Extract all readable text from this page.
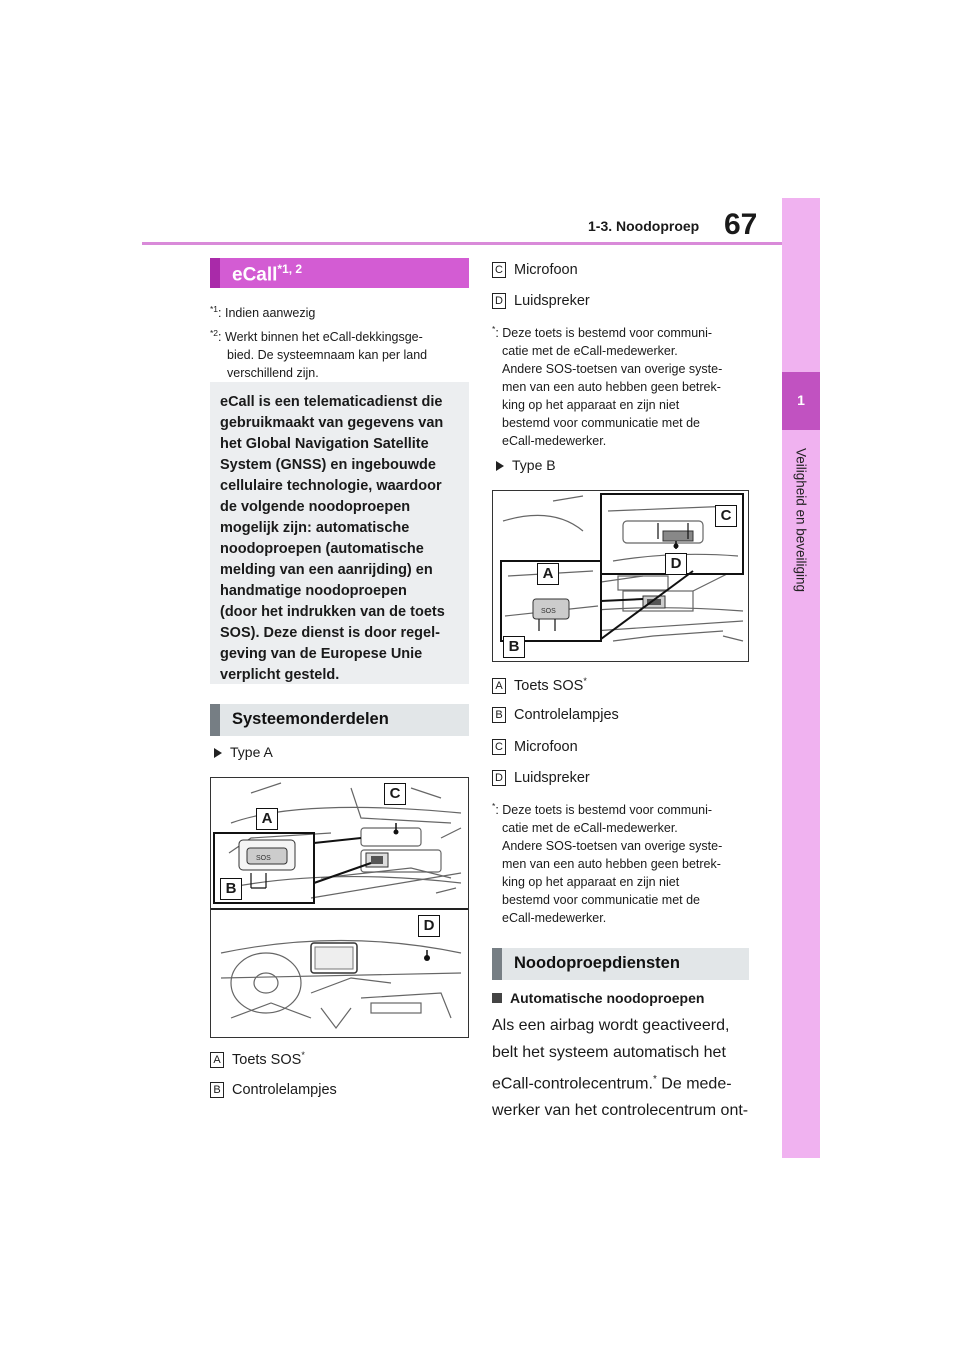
1-3. Noodoproep 67
1
Veiligheid en beveiliging
eCall$^{*1, 2}$
$^{*1}$: Indien aanwezig
$^{*2}$: Werkt binnen het eCall-dekkingsge-
bied. De systeemnaam kan per land
verschillend zijn.
eCall is een telematicadienst die
gebruikmaakt van gegevens van
het Global Navigation Satellite
System (GNSS) en ingebouwde
cellulaire technologie, waardoor
de volgende noodoproepen
mogelijk zijn: automatische
noodoproepen (automatische
melding van een aanrijding) en
handmatige noodoproepen
(door het indrukken van de toets
SOS). Deze dienst is door regel-
geving van de Europese Unie
verplicht gesteld.
Systeemonderdelen
Type A
SOS
A
B
C
D
A Toets SOS*
B Controlelampjes
C Microfoon
D Luidspreker
*: Deze toets is bestemd voor communi-
catie met de eCall-medewerker.
Andere SOS-toetsen van overige syste-
men van een auto hebben geen betrek-
king op het apparaat en zijn niet
bestemd voor communicatie met de
eCall-medewerker.
Type B
SOS
A
B
C
D
A Toets SOS*
B Controlelampjes
C Microfoon
D Luidspreker
*: Deze toets is bestemd voor communi-
catie met de eCall-medewerker.
Andere SOS-toetsen van overige syste-
men van een auto hebben geen betrek-
king op het apparaat en zijn niet
bestemd voor communicatie met de
eCall-medewerker.
Noodoproepdiensten
Automatische noodoproepen
Als een airbag wordt geactiveerd,
belt het systeem automatisch het
eCall-controlecentrum.* De mede-
werker van het controlecentrum ont-
